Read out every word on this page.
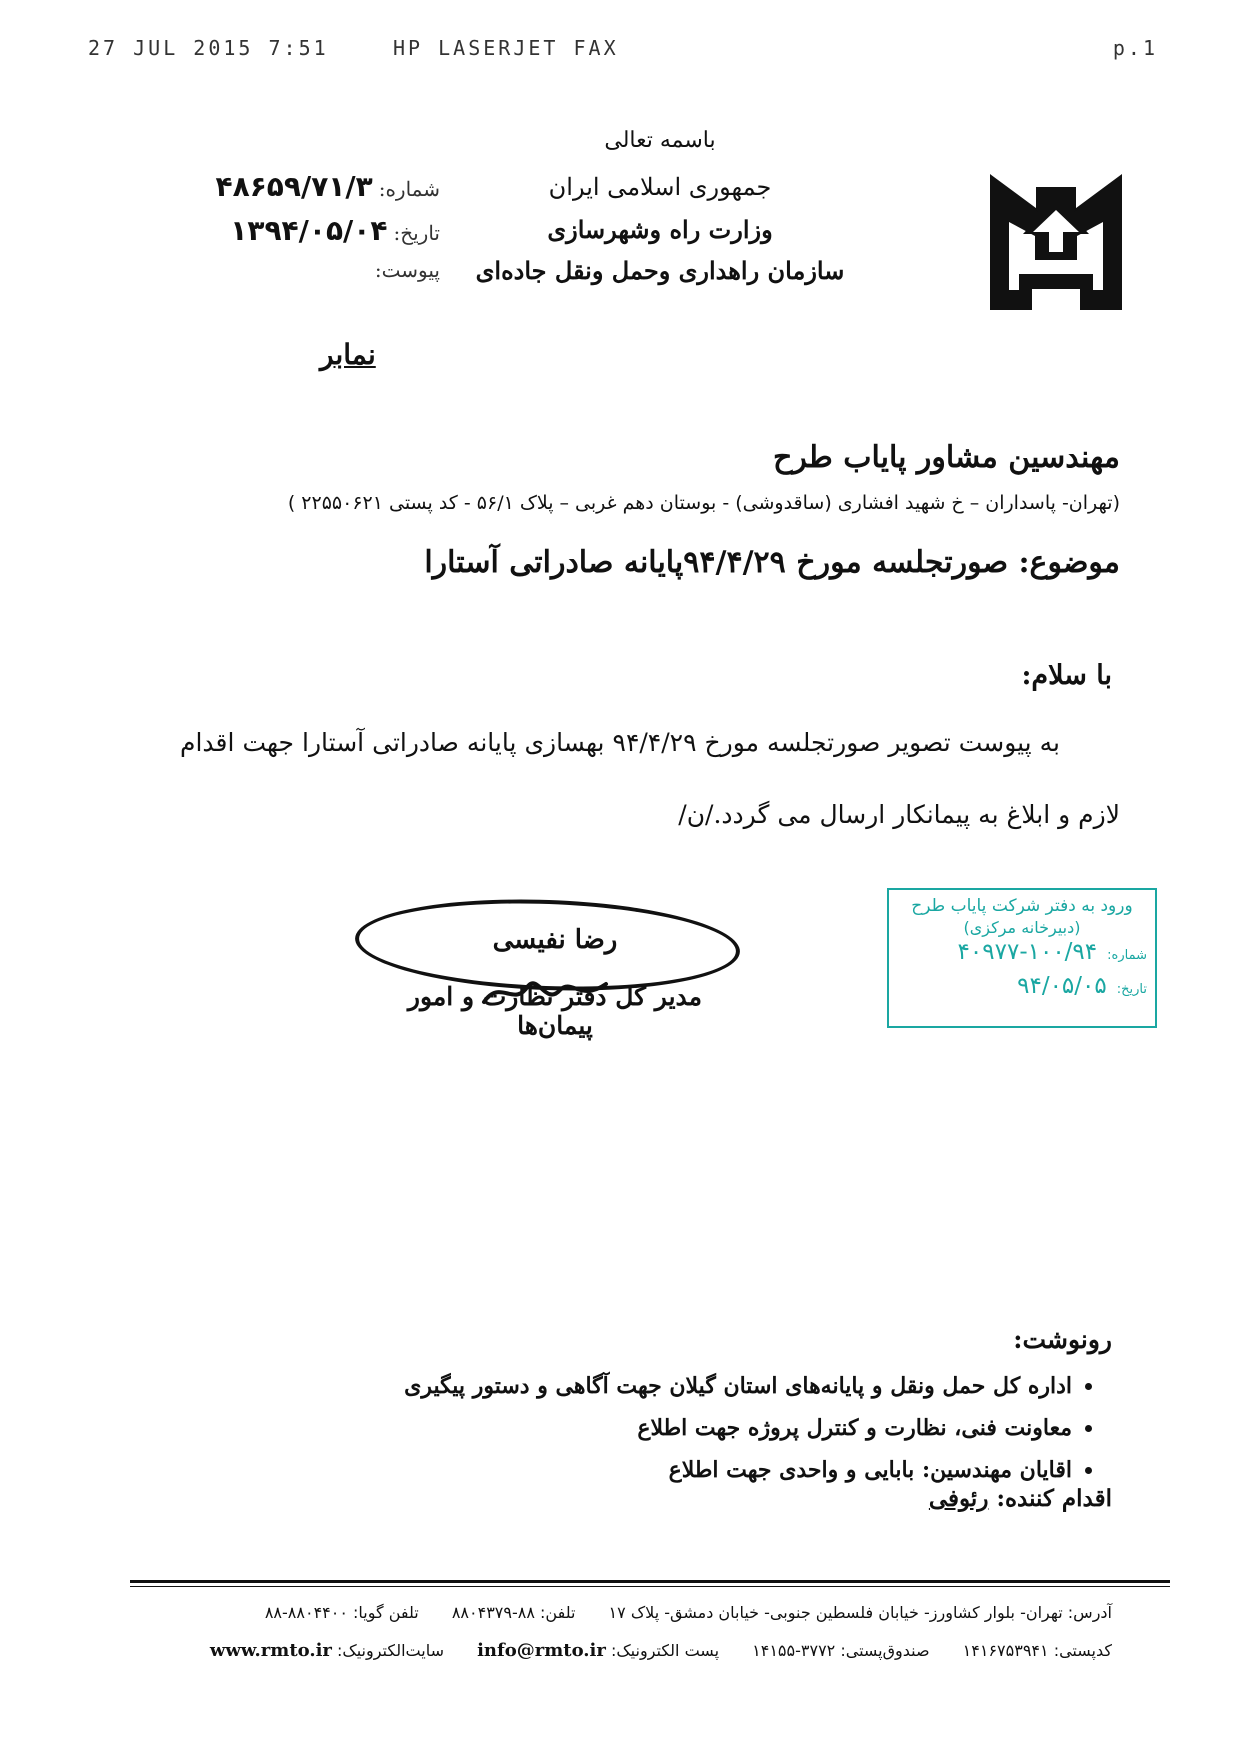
27 JUL 2015 7:51	HP LASERJET FAX	p.1
باسمه تعالی
جمهوری اسلامی ایران
وزارت راه وشهرسازی
سازمان راهداری وحمل ونقل جاده‌ای
شماره:۴۸۶۵۹/۷۱/۳
تاریخ:۱۳۹۴/۰۵/۰۴
پیوست:
نمابر
مهندسین مشاور پایاب طرح
(تهران- پاسداران – خ شهید افشاری (ساقدوشی) - بوستان دهم غربی – پلاک ۵۶/۱ - کد پستی ۲۲۵۵۰۶۲۱ )
موضوع: صورتجلسه مورخ ۹۴/۴/۲۹پایانه صادراتی آستارا
با سلام:
به پیوست تصویر صورتجلسه مورخ ۹۴/۴/۲۹ بهسازی پایانه صادراتی آستارا جهت اقدام
لازم و ابلاغ به پیمانکار ارسال می گردد./ن/
رضا نفیسی
مدیر کل دفتر نظارت و امور پیمان‌ها
ورود به دفتر شرکت پایاب طرح
(دبیرخانه مرکزی)
شماره:۱۰۰/۹۴-۴۰۹۷۷
تاریخ:۹۴/۰۵/۰۵
رونوشت:
• اداره کل حمل ونقل و پایانه‌های استان گیلان جهت آگاهی و دستور پیگیری
• معاونت فنی، نظارت و کنترل پروژه جهت اطلاع
• اقایان مهندسین: بابایی و واحدی جهت اطلاع
اقدام کننده: رئوفی
آدرس: تهران- بلوار کشاورز- خیابان فلسطین جنوبی- خیابان دمشق- پلاک ۱۷ تلفن: ۸۸-۸۸۰۴۳۷۹ تلفن گویا: ۸۸۰۴۴۰۰-۸۸
کدپستی: ۱۴۱۶۷۵۳۹۴۱ صندوق‌پستی: ۳۷۷۲-۱۴۱۵۵ پست الکترونیک: info@rmto.ir سایت‌الکترونیک: www.rmto.ir
